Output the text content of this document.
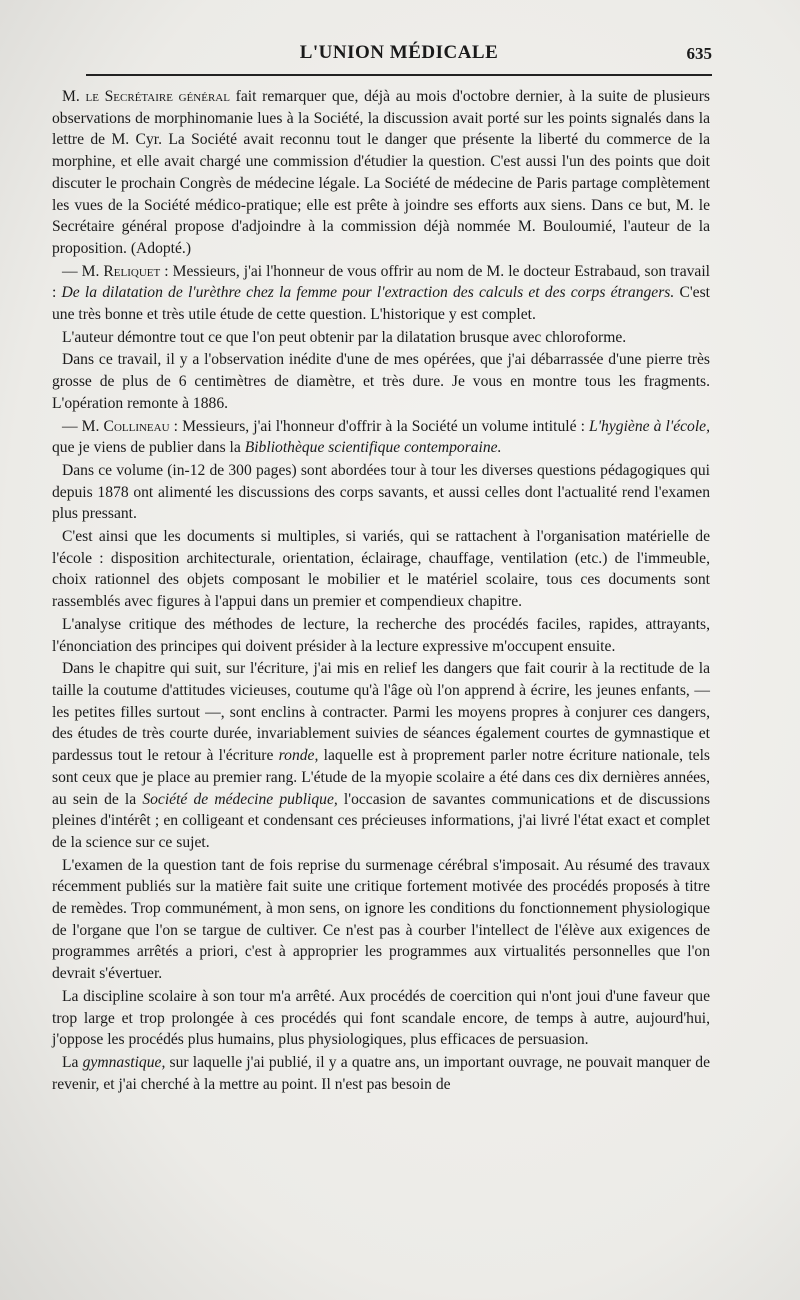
L'UNION MÉDICALE	635

M. le Secrétaire général fait remarquer que, déjà au mois d'octobre dernier, à la suite de plusieurs observations de morphinomanie lues à la Société, la discussion avait porté sur les points signalés dans la lettre de M. Cyr. La Société avait reconnu tout le danger que présente la liberté du commerce de la morphine, et elle avait chargé une commission d'étudier la question. C'est aussi l'un des points que doit discuter le prochain Congrès de médecine légale. La Société de médecine de Paris partage complètement les vues de la Société médico-pratique; elle est prête à joindre ses efforts aux siens. Dans ce but, M. le Secrétaire général propose d'adjoindre à la commission déjà nommée M. Bouloumié, l'auteur de la proposition. (Adopté.)

— M. Reliquet : Messieurs, j'ai l'honneur de vous offrir au nom de M. le docteur Estrabaud, son travail : De la dilatation de l'urèthre chez la femme pour l'extraction des calculs et des corps étrangers. C'est une très bonne et très utile étude de cette question. L'historique y est complet.

L'auteur démontre tout ce que l'on peut obtenir par la dilatation brusque avec chloroforme.

Dans ce travail, il y a l'observation inédite d'une de mes opérées, que j'ai débarrassée d'une pierre très grosse de plus de 6 centimètres de diamètre, et très dure. Je vous en montre tous les fragments. L'opération remonte à 1886.

— M. Collineau : Messieurs, j'ai l'honneur d'offrir à la Société un volume intitulé : L'hygiène à l'école, que je viens de publier dans la Bibliothèque scientifique contemporaine.

Dans ce volume (in-12 de 300 pages) sont abordées tour à tour les diverses questions pédagogiques qui depuis 1878 ont alimenté les discussions des corps savants, et aussi celles dont l'actualité rend l'examen plus pressant.

C'est ainsi que les documents si multiples, si variés, qui se rattachent à l'organisation matérielle de l'école : disposition architecturale, orientation, éclairage, chauffage, ventilation (etc.) de l'immeuble, choix rationnel des objets composant le mobilier et le matériel scolaire, tous ces documents sont rassemblés avec figures à l'appui dans un premier et compendieux chapitre.

L'analyse critique des méthodes de lecture, la recherche des procédés faciles, rapides, attrayants, l'énonciation des principes qui doivent présider à la lecture expressive m'occupent ensuite.

Dans le chapitre qui suit, sur l'écriture, j'ai mis en relief les dangers que fait courir à la rectitude de la taille la coutume d'attitudes vicieuses, coutume qu'à l'âge où l'on apprend à écrire, les jeunes enfants, — les petites filles surtout —, sont enclins à contracter. Parmi les moyens propres à conjurer ces dangers, des études de très courte durée, invariablement suivies de séances également courtes de gymnastique et pardessus tout le retour à l'écriture ronde, laquelle est à proprement parler notre écriture nationale, tels sont ceux que je place au premier rang. L'étude de la myopie scolaire a été dans ces dix dernières années, au sein de la Société de médecine publique, l'occasion de savantes communications et de discussions pleines d'intérêt ; en colligeant et condensant ces précieuses informations, j'ai livré l'état exact et complet de la science sur ce sujet.

L'examen de la question tant de fois reprise du surmenage cérébral s'imposait. Au résumé des travaux récemment publiés sur la matière fait suite une critique fortement motivée des procédés proposés à titre de remèdes. Trop communément, à mon sens, on ignore les conditions du fonctionnement physiologique de l'organe que l'on se targue de cultiver. Ce n'est pas à courber l'intellect de l'élève aux exigences de programmes arrêtés a priori, c'est à approprier les programmes aux virtualités personnelles que l'on devrait s'évertuer.

La discipline scolaire à son tour m'a arrêté. Aux procédés de coercition qui n'ont joui d'une faveur que trop large et trop prolongée à ces procédés qui font scandale encore, de temps à autre, aujourd'hui, j'oppose les procédés plus humains, plus physiologiques, plus efficaces de persuasion.

La gymnastique, sur laquelle j'ai publié, il y a quatre ans, un important ouvrage, ne pouvait manquer de revenir, et j'ai cherché à la mettre au point. Il n'est pas besoin de
